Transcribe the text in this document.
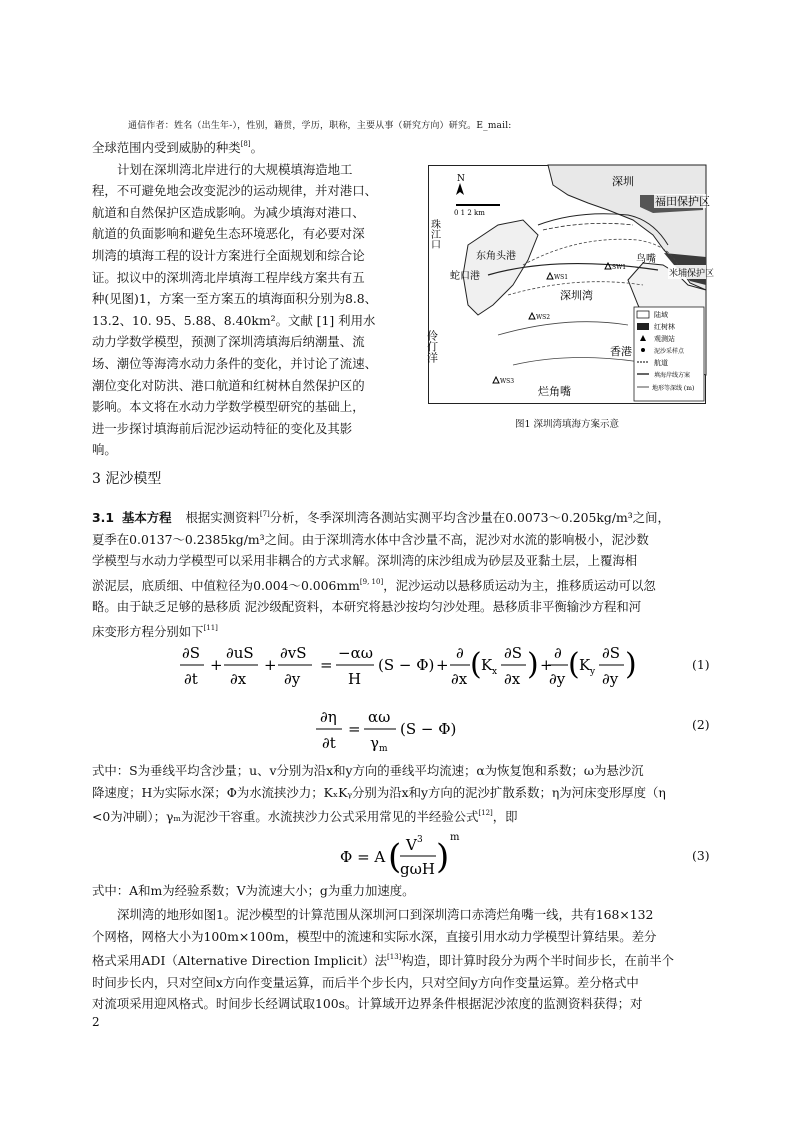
通信作者：姓名（出生年-），性别，籍贯，学历，职称，主要从事（研究方向）研究。E_mail:
全球范围内受到威胁的种类[8]。
计划在深圳湾北岸进行的大规模填海造地工
程，不可避免地会改变泥沙的运动规律，并对港口、
航道和自然保护区造成影响。为减少填海对港口、
航道的负面影响和避免生态环境恶化，有必要对深
圳湾的填海工程的设计方案进行全面规划和综合论
证。拟议中的深圳湾北岸填海工程岸线方案共有五
种(见图)1，方案一至方案五的填海面积分别为8.8、
13.2、10. 95、5.88、8.40km²。文献 [1] 利用水
动力学数学模型，预测了深圳湾填海后纳潮量、流
场、潮位等海湾水动力条件的变化，并讨论了流速、
潮位变化对防洪、港口航道和红树林自然保护区的
影响。本文将在水动力学数学模型研究的基础上，
进一步探讨填海前后泥沙运动特征的变化及其影
响。
N
0 1 2 km
深圳
福田保护区
珠江口
东角头港
蛇口港
深圳湾
香港
米埔保护区
伶仃洋
烂角嘴
鸟嘴
WS1
WS2
WS3
SW1
陆域
红树林
观测站
泥沙采样点
航道
填海岸线方案
地形等深线 (m)
图1 深圳湾填海方案示意
3 泥沙模型
3.1 基本方程 根据实测资料[7]分析，冬季深圳湾各测站实测平均含沙量在0.0073～0.205kg/m³之间，
夏季在0.0137～0.2385kg/m³之间。由于深圳湾水体中含沙量不高，泥沙对水流的影响极小，泥沙数
学模型与水动力学模型可以采用非耦合的方式求解。深圳湾的床沙组成为砂层及亚黏土层，上覆海相
淤泥层，底质细、中值粒径为0.004～0.006mm[9, 10]，泥沙运动以悬移质运动为主，推移质运动可以忽
略。由于缺乏足够的悬移质 泥沙级配资料，本研究将悬沙按均匀沙处理。悬移质非平衡输沙方程和河
床变形方程分别如下[11]
∂S
∂t
+
∂uS
∂x
+
∂vS
∂y
=
−αω
H
(S − Φ) +
∂
∂x ( K x
∂S
∂x ) +
∂
∂y ( K y
∂S
∂y )	(1)
∂η
∂t
=
αω
γ m
(S − Φ)	(2)
式中：S为垂线平均含沙量；u、v分别为沿x和y方向的垂线平均流速；α为恢复饱和系数；ω为悬沙沉
降速度；H为实际水深；Φ为水流挟沙力；KₓKᵧ分别为沿x和y方向的泥沙扩散系数；η为河床变形厚度（η
<0为冲刷）；γₘ为泥沙干容重。水流挟沙力公式采用常见的半经验公式[12]，即
Φ = A ( V 3
gωH ) m
(3)
式中：A和m为经验系数；V为流速大小；g为重力加速度。
深圳湾的地形如图1。泥沙模型的计算范围从深圳河口到深圳湾口赤湾烂角嘴一线，共有168×132
个网格，网格大小为100m×100m，模型中的流速和实际水深，直接引用水动力学模型计算结果。差分
格式采用ADI（Alternative Direction Implicit）法[13]构造，即计算时段分为两个半时间步长，在前半个
时间步长内，只对空间x方向作变量运算，而后半个步长内，只对空间y方向作变量运算。差分格式中
对流项采用迎风格式。时间步长经调试取100s。计算域开边界条件根据泥沙浓度的监测资料获得；对
2
